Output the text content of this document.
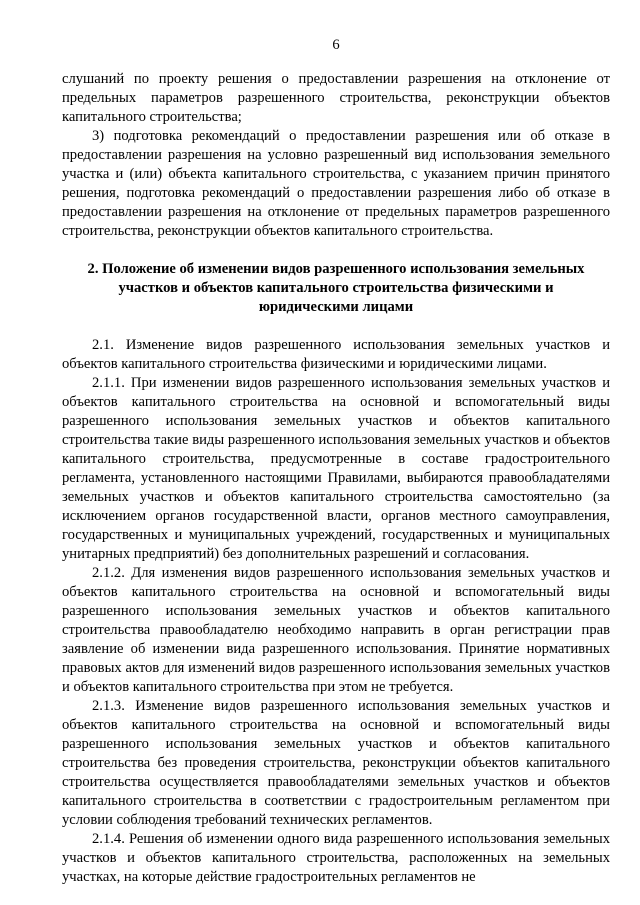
6

слушаний по проекту решения о предоставлении разрешения на отклонение от предельных параметров разрешенного строительства, реконструкции объектов капитального строительства;

3) подготовка рекомендаций о предоставлении разрешения или об отказе в предоставлении разрешения на условно разрешенный вид использования земельного участка и (или) объекта капитального строительства, с указанием причин принятого решения, подготовка рекомендаций о предоставлении разрешения либо об отказе в предоставлении разрешения на отклонение от предельных параметров разрешенного строительства, реконструкции объектов капитального строительства.

2. Положение об изменении видов разрешенного использования земельных участков и объектов капитального строительства физическими и юридическими лицами

2.1. Изменение видов разрешенного использования земельных участков и объектов капитального строительства физическими и юридическими лицами.

2.1.1. При изменении видов разрешенного использования земельных участков и объектов капитального строительства на основной и вспомогательный виды разрешенного использования земельных участков и объектов капитального строительства такие виды разрешенного использования земельных участков и объектов капитального строительства, предусмотренные в составе градостроительного регламента, установленного настоящими Правилами, выбираются правообладателями земельных участков и объектов капитального строительства самостоятельно (за исключением органов государственной власти, органов местного самоуправления, государственных и муниципальных учреждений, государственных и муниципальных унитарных предприятий) без дополнительных разрешений и согласования.

2.1.2. Для изменения видов разрешенного использования земельных участков и объектов капитального строительства на основной и вспомогательный виды разрешенного использования земельных участков и объектов капитального строительства правообладателю необходимо направить в орган регистрации прав заявление об изменении вида разрешенного использования. Принятие нормативных правовых актов для изменений видов разрешенного использования земельных участков и объектов капитального строительства при этом не требуется.

2.1.3. Изменение видов разрешенного использования земельных участков и объектов капитального строительства на основной и вспомогательный виды разрешенного использования земельных участков и объектов капитального строительства без проведения строительства, реконструкции объектов капитального строительства осуществляется правообладателями земельных участков и объектов капитального строительства в соответствии с градостроительным регламентом при условии соблюдения требований технических регламентов.

2.1.4. Решения об изменении одного вида разрешенного использования земельных участков и объектов капитального строительства, расположенных на земельных участках, на которые действие градостроительных регламентов не
